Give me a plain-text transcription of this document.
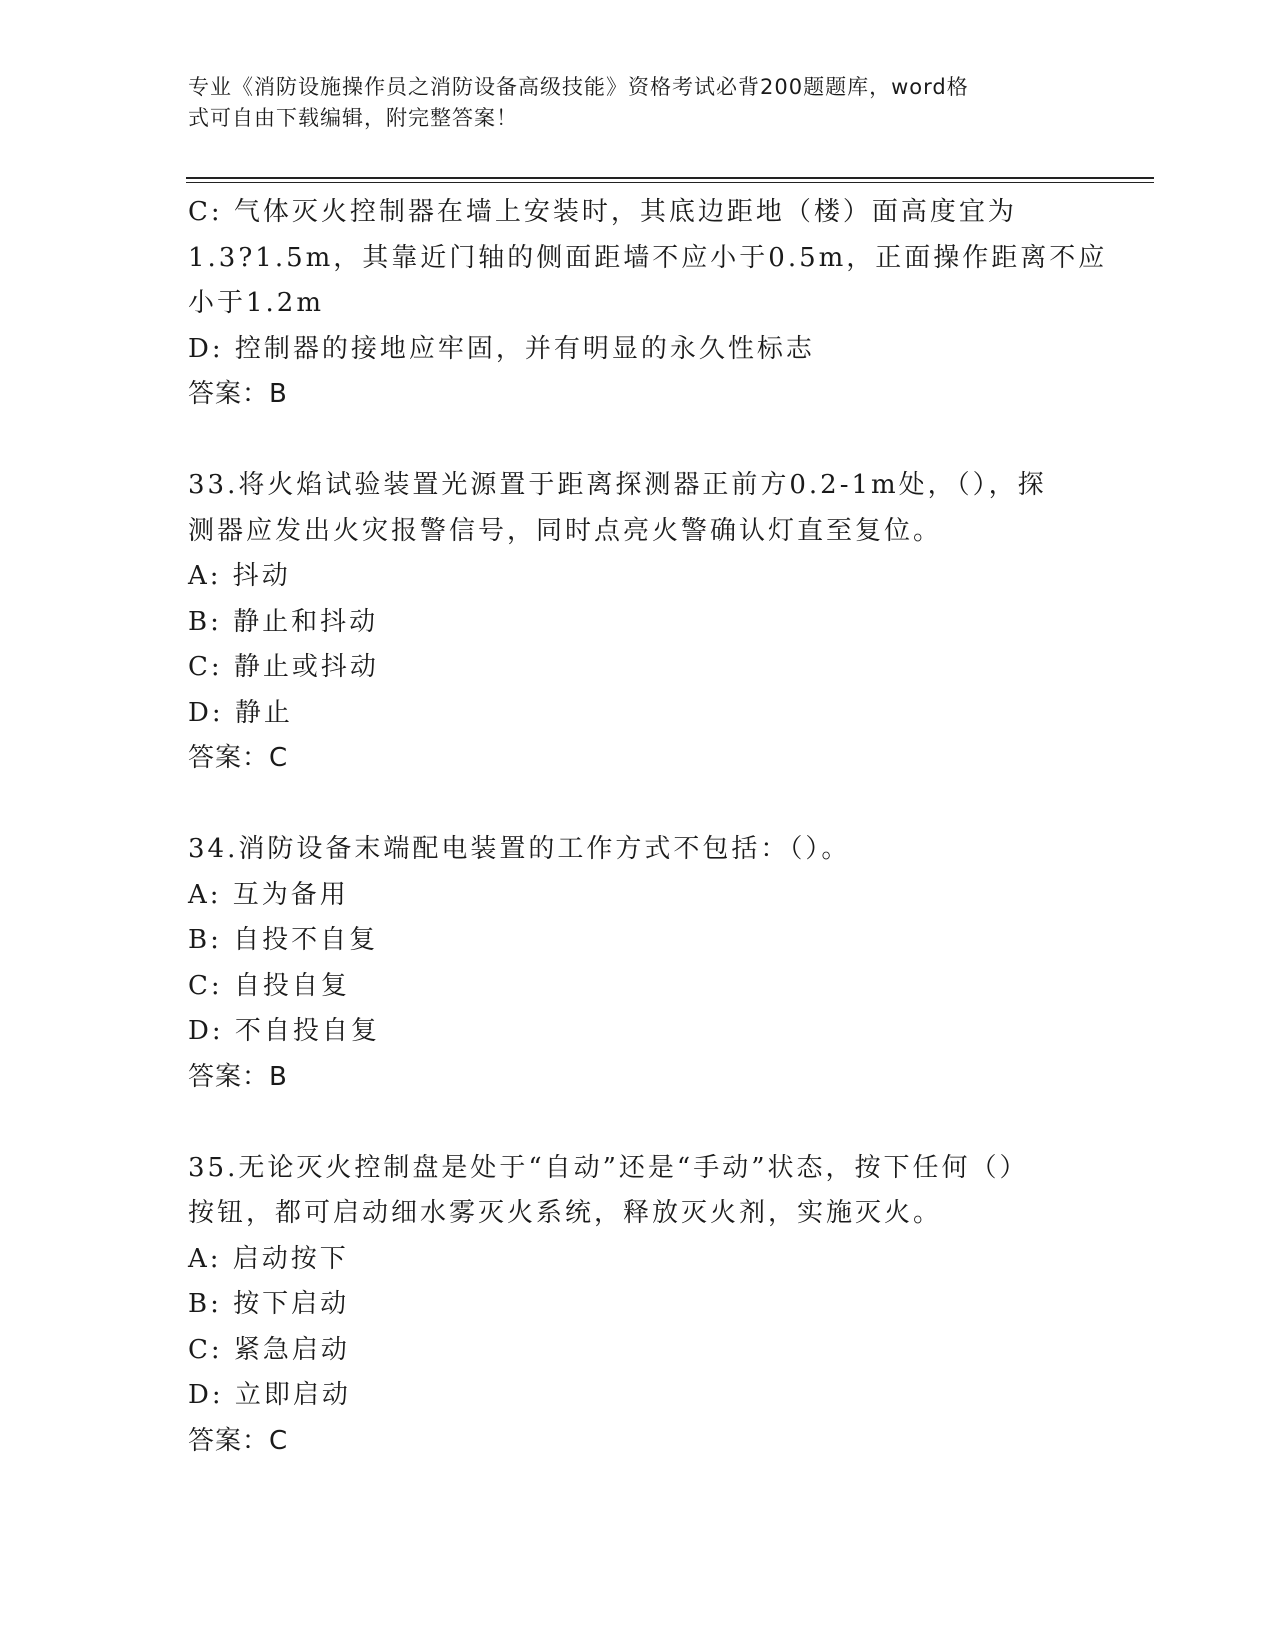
专业《消防设施操作员之消防设备高级技能》资格考试必背200题题库，word格
式可自由下载编辑，附完整答案！
C: 气体灭火控制器在墙上安装时，其底边距地（楼）面高度宜为
1.3?1.5m，其靠近门轴的侧面距墙不应小于0.5m，正面操作距离不应
小于1.2m
D: 控制器的接地应牢固，并有明显的永久性标志
答案：B
33.将火焰试验装置光源置于距离探测器正前方0.2-1m处，（），探
测器应发出火灾报警信号，同时点亮火警确认灯直至复位。
A: 抖动
B: 静止和抖动
C: 静止或抖动
D: 静止
答案：C
34.消防设备末端配电装置的工作方式不包括：（）。
A: 互为备用
B: 自投不自复
C: 自投自复
D: 不自投自复
答案：B
35.无论灭火控制盘是处于“自动”还是“手动”状态，按下任何（）
按钮，都可启动细水雾灭火系统，释放灭火剂，实施灭火。
A: 启动按下
B: 按下启动
C: 紧急启动
D: 立即启动
答案：C
